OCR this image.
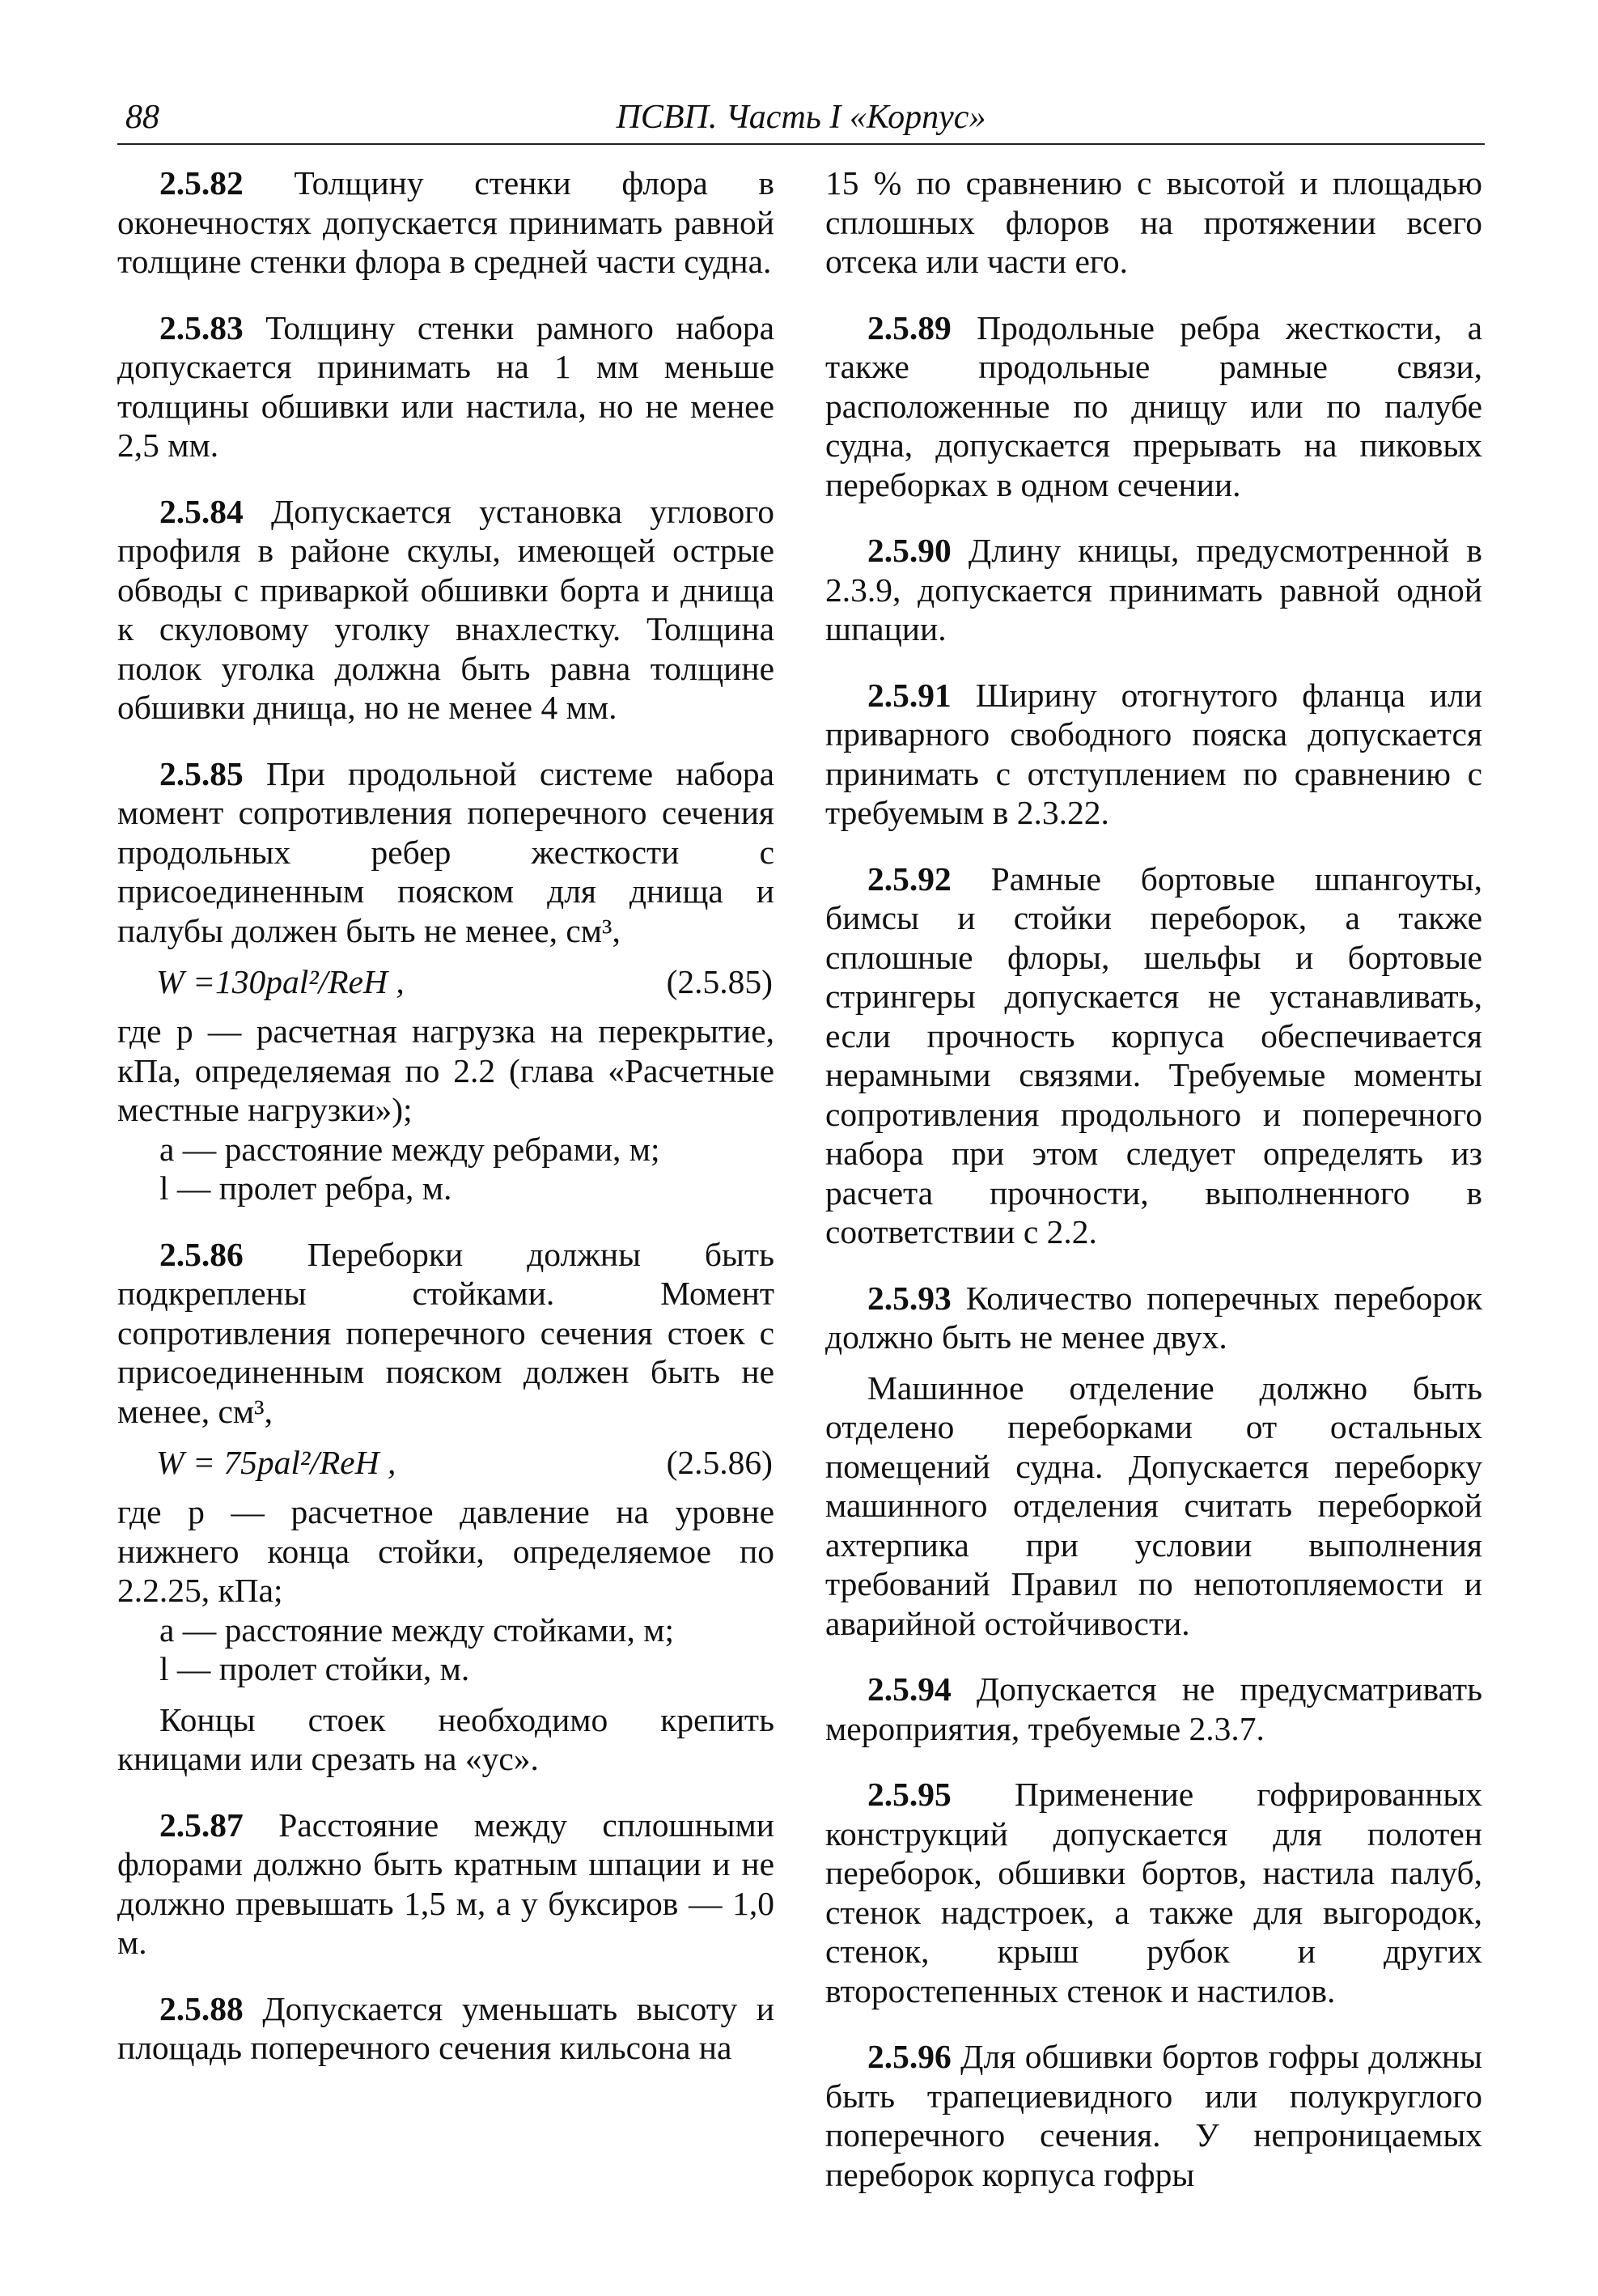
88	ПСВП. Часть I «Корпус»

2.5.82 Толщину стенки флора в оконечностях допускается принимать равной толщине стенки флора в средней части судна.

2.5.83 Толщину стенки рамного набора допускается принимать на 1 мм меньше толщины обшивки или настила, но не менее 2,5 мм.

2.5.84 Допускается установка углового профиля в районе скулы, имеющей острые обводы с приваркой обшивки борта и днища к скуловому уголку внахлестку. Толщина полок уголка должна быть равна толщине обшивки днища, но не менее 4 мм.

2.5.85 При продольной системе набора момент сопротивления поперечного сечения продольных ребер жесткости с присоединенным пояском для днища и палубы должен быть не менее, см³,

W =130pal²/ReН ,	(2.5.85)

где p — расчетная нагрузка на перекрытие, кПа, определяемая по 2.2 (глава «Расчетные местные нагрузки»);

a — расстояние между ребрами, м;

l — пролет ребра, м.

2.5.86 Переборки должны быть подкреплены стойками. Момент сопротивления поперечного сечения стоек с присоединенным пояском должен быть не менее, см³,

W = 75pal²/ReН ,	(2.5.86)

где p — расчетное давление на уровне нижнего конца стойки, определяемое по 2.2.25, кПа;

a — расстояние между стойками, м;

l — пролет стойки, м.

Концы стоек необходимо крепить кницами или срезать на «ус».

2.5.87 Расстояние между сплошными флорами должно быть кратным шпации и не должно превышать 1,5 м, а у буксиров — 1,0 м.

2.5.88 Допускается уменьшать высоту и площадь поперечного сечения кильсона на

15 % по сравнению с высотой и площадью сплошных флоров на протяжении всего отсека или части его.

2.5.89 Продольные ребра жесткости, а также продольные рамные связи, расположенные по днищу или по палубе судна, допускается прерывать на пиковых переборках в одном сечении.

2.5.90 Длину кницы, предусмотренной в 2.3.9, допускается принимать равной одной шпации.

2.5.91 Ширину отогнутого фланца или приварного свободного пояска допускается принимать с отступлением по сравнению с требуемым в 2.3.22.

2.5.92 Рамные бортовые шпангоуты, бимсы и стойки переборок, а также сплошные флоры, шельфы и бортовые стрингеры допускается не устанавливать, если прочность корпуса обеспечивается нерамными связями. Требуемые моменты сопротивления продольного и поперечного набора при этом следует определять из расчета прочности, выполненного в соответствии с 2.2.

2.5.93 Количество поперечных переборок должно быть не менее двух.

Машинное отделение должно быть отделено переборками от остальных помещений судна. Допускается переборку машинного отделения считать переборкой ахтерпика при условии выполнения требований Правил по непотопляемости и аварийной остойчивости.

2.5.94 Допускается не предусматривать мероприятия, требуемые 2.3.7.

2.5.95 Применение гофрированных конструкций допускается для полотен переборок, обшивки бортов, настила палуб, стенок надстроек, а также для выгородок, стенок, крыш рубок и других второстепенных стенок и настилов.

2.5.96 Для обшивки бортов гофры должны быть трапециевидного или полукруглого поперечного сечения. У непроницаемых переборок корпуса гофры
